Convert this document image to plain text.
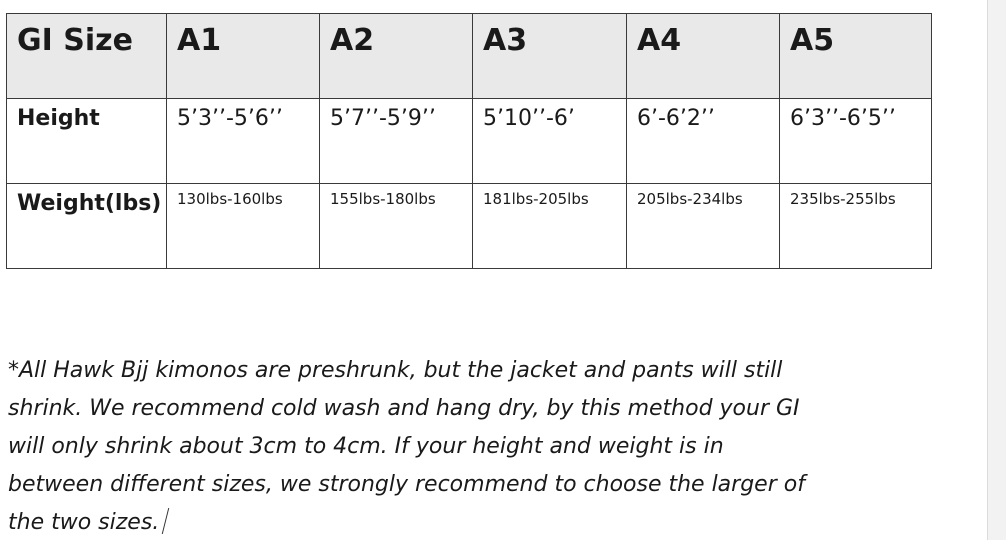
GI Size	A1	A2	A3	A4	A5

Height	5’3’’-5’6’’	5’7’’-5’9’’	5’10’’-6’	6’-6’2’’	6’3’’-6’5’’

Weight(lbs)	130lbs-160lbs	155lbs-180lbs	181lbs-205lbs	205lbs-234lbs	235lbs-255lbs
*All Hawk Bjj kimonos are preshrunk, but the jacket and pants will still
shrink. We recommend cold wash and hang dry, by this method your GI
will only shrink about 3cm to 4cm. If your height and weight is in
between different sizes, we strongly recommend to choose the larger of
the two sizes.
